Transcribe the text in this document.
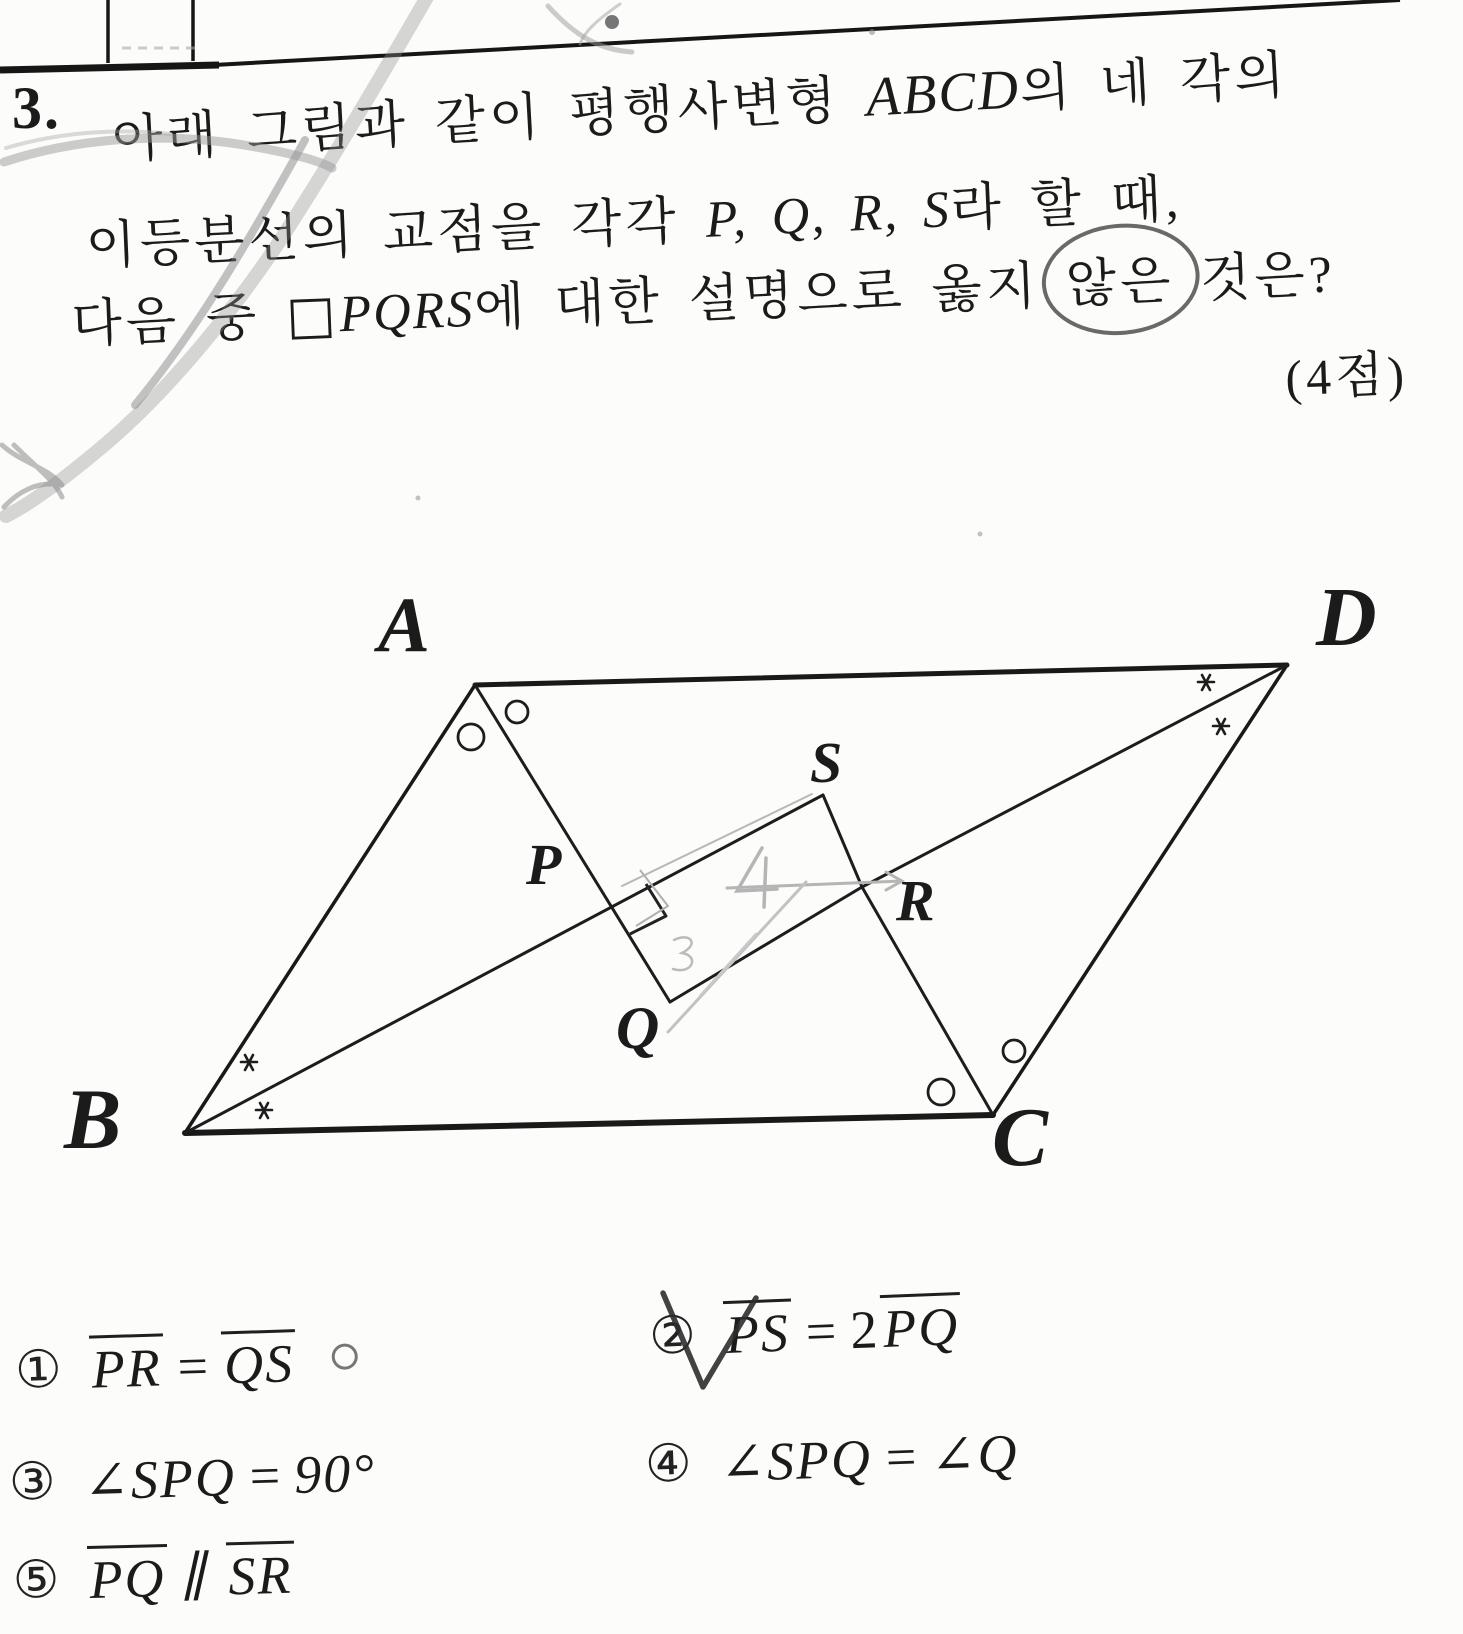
3. 아래 그림과 같이 평행사변형 ABCD의 네 각의
이등분선의 교점을 각각 P, Q, R, S라 할 때,
다음 중 □PQRS에 대한 설명으로 옳지 않은 것은?
(4점)
A
B	C
D
P
Q
R
S
① PR = QS	② PS = 2PQ
③ ∠SPQ = 90°	④ ∠SPQ = ∠Q
⑤ PQ ∥ SR
